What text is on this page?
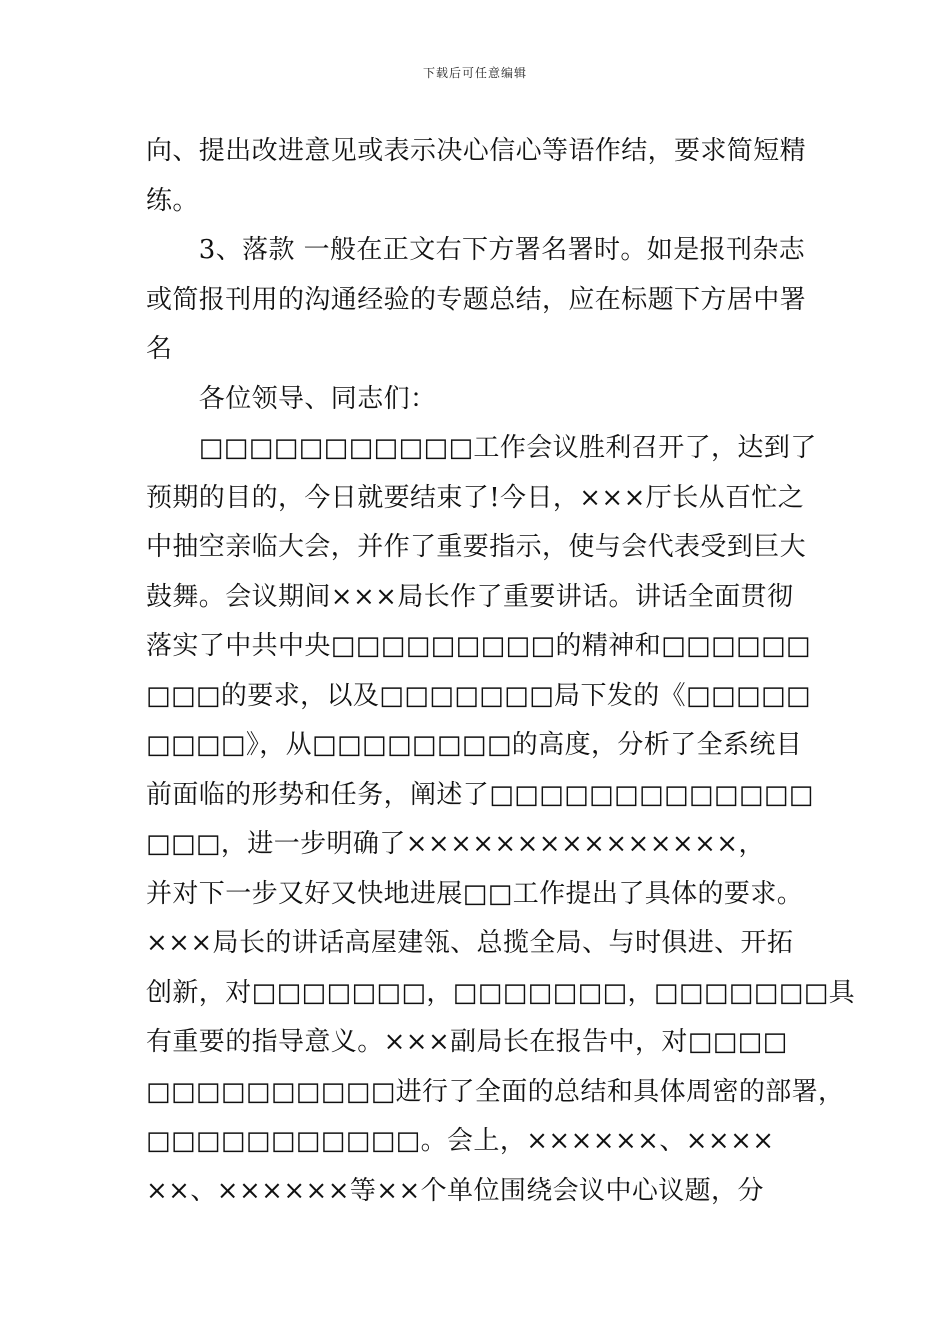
下载后可任意编辑
向、提出改进意见或表示决心信心等语作结，要求简短精
练。
　　3、落款 一般在正文右下方署名署时。如是报刊杂志
或简报刊用的沟通经验的专题总结，应在标题下方居中署
名
　　各位领导、同志们：
　　□□□□□□□□□□□工作会议胜利召开了，达到了
预期的目的，今日就要结束了!今日，×××厅长从百忙之
中抽空亲临大会，并作了重要指示，使与会代表受到巨大
鼓舞。会议期间×××局长作了重要讲话。讲话全面贯彻
落实了中共中央□□□□□□□□□的精神和□□□□□□
□□□的要求，以及□□□□□□□局下发的《□□□□□
□□□□》，从□□□□□□□□的高度，分析了全系统目
前面临的形势和任务，阐述了□□□□□□□□□□□□□
□□□，进一步明确了×××××××××××××××，
并对下一步又好又快地进展□□工作提出了具体的要求。
×××局长的讲话高屋建瓴、总揽全局、与时俱进、开拓
创新，对□□□□□□□，□□□□□□□，□□□□□□□具
有重要的指导意义。×××副局长在报告中，对□□□□
□□□□□□□□□□进行了全面的总结和具体周密的部署，
□□□□□□□□□□□。会上，××××××、××××
××、××××××等××个单位围绕会议中心议题，分
